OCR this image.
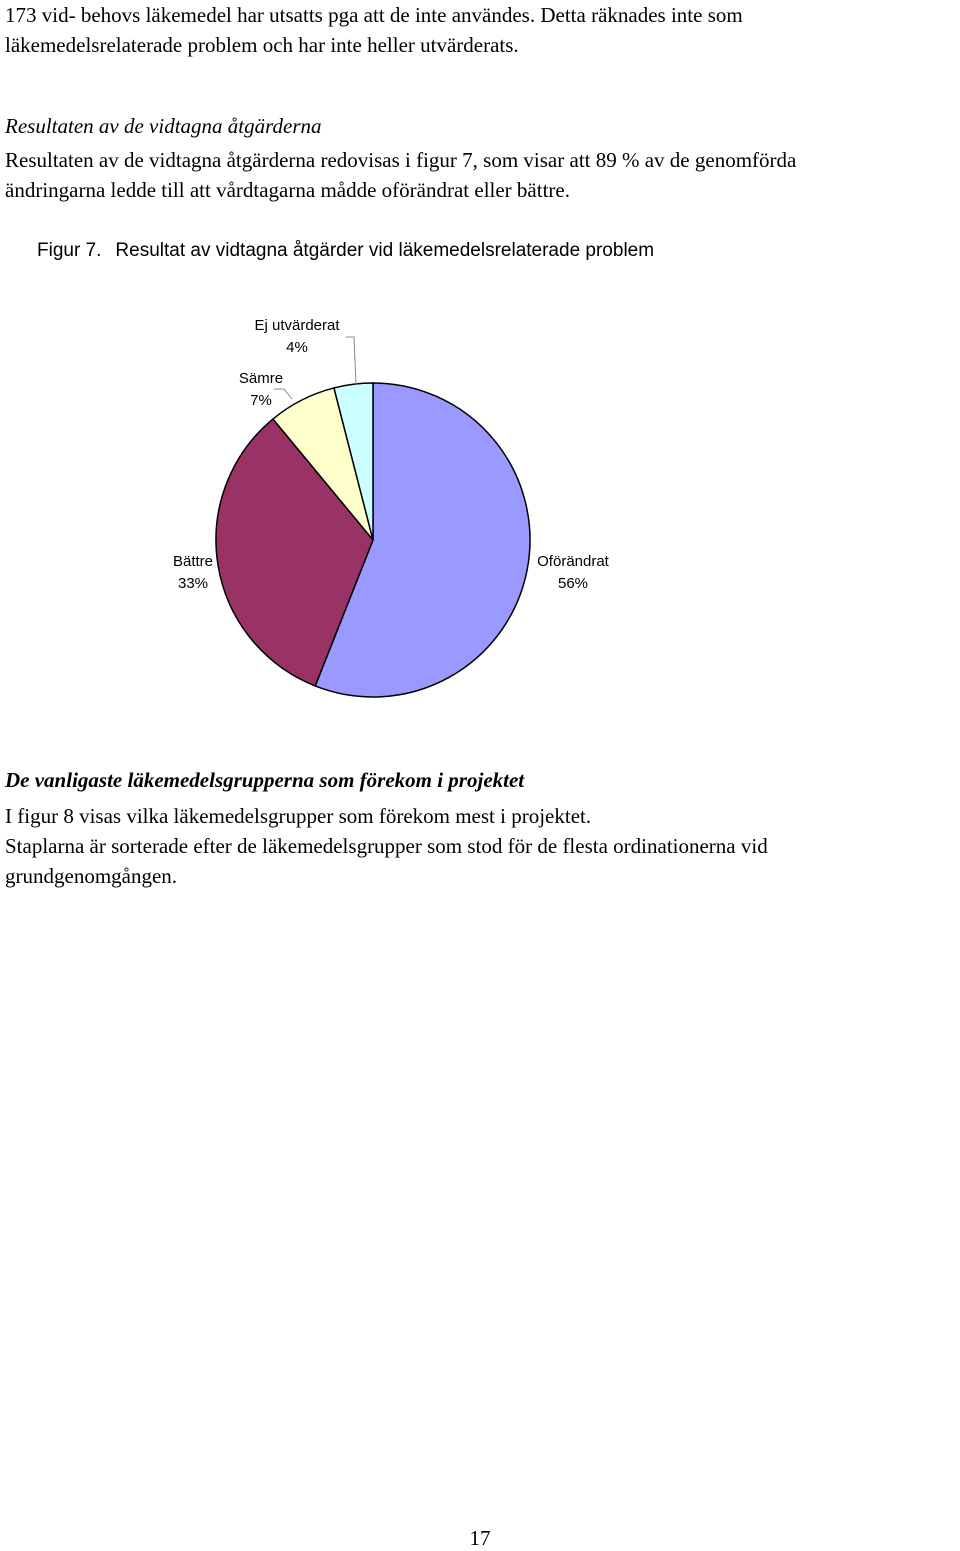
173 vid- behovs läkemedel har utsatts pga att de inte användes. Detta räknades inte som
läkemedelsrelaterade problem och har inte heller utvärderats.
Resultaten av de vidtagna åtgärderna
Resultaten av de vidtagna åtgärderna redovisas i figur 7, som visar att 89 % av de genomförda
ändringarna ledde till att vårdtagarna mådde oförändrat eller bättre.
Figur 7. Resultat av vidtagna åtgärder vid läkemedelsrelaterade problem
Oförändrat
56%
Bättre
33%
Sämre
7%
Ej utvärderat
4%
De vanligaste läkemedelsgrupperna som förekom i projektet
I figur 8 visas vilka läkemedelsgrupper som förekom mest i projektet.
Staplarna är sorterade efter de läkemedelsgrupper som stod för de flesta ordinationerna vid
grundgenomgången.
17
